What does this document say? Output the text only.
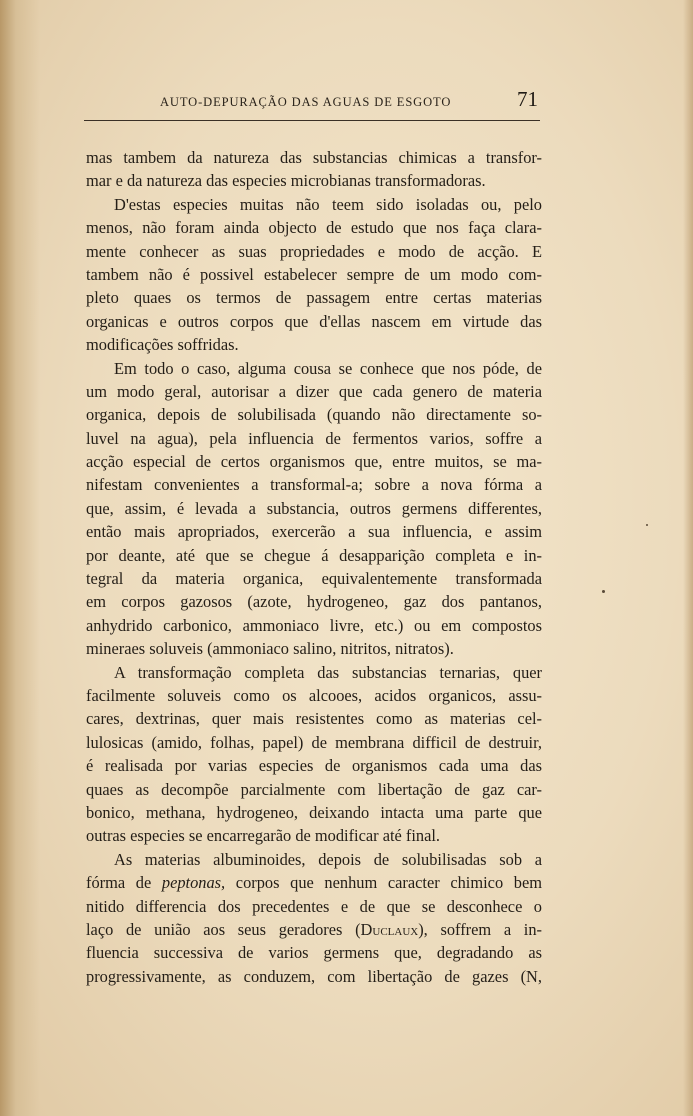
AUTO-DEPURAÇÃO DAS AGUAS DE ESGOTO	71
mas tambem da natureza das substancias chimicas a transfor-
mar e da natureza das especies microbianas transformadoras.
D'estas especies muitas não teem sido isoladas ou, pelo
menos, não foram ainda objecto de estudo que nos faça clara-
mente conhecer as suas propriedades e modo de acção. E
tambem não é possivel estabelecer sempre de um modo com-
pleto quaes os termos de passagem entre certas materias
organicas e outros corpos que d'ellas nascem em virtude das
modificações soffridas.
Em todo o caso, alguma cousa se conhece que nos póde, de
um modo geral, autorisar a dizer que cada genero de materia
organica, depois de solubilisada (quando não directamente so-
luvel na agua), pela influencia de fermentos varios, soffre a
acção especial de certos organismos que, entre muitos, se ma-
nifestam convenientes a transformal-a; sobre a nova fórma a
que, assim, é levada a substancia, outros germens differentes,
então mais apropriados, exercerão a sua influencia, e assim
por deante, até que se chegue á desapparição completa e in-
tegral da materia organica, equivalentemente transformada
em corpos gazosos (azote, hydrogeneo, gaz dos pantanos,
anhydrido carbonico, ammoniaco livre, etc.) ou em compostos
mineraes soluveis (ammoniaco salino, nitritos, nitratos).
A transformação completa das substancias ternarias, quer
facilmente soluveis como os alcooes, acidos organicos, assu-
cares, dextrinas, quer mais resistentes como as materias cel-
lulosicas (amido, folhas, papel) de membrana difficil de destruir,
é realisada por varias especies de organismos cada uma das
quaes as decompõe parcialmente com libertação de gaz car-
bonico, methana, hydrogeneo, deixando intacta uma parte que
outras especies se encarregarão de modificar até final.
As materias albuminoides, depois de solubilisadas sob a
fórma de peptonas, corpos que nenhum caracter chimico bem
nitido differencia dos precedentes e de que se desconhece o
laço de união aos seus geradores (Duclaux), soffrem a in-
fluencia successiva de varios germens que, degradando as
progressivamente, as conduzem, com libertação de gazes (N,
